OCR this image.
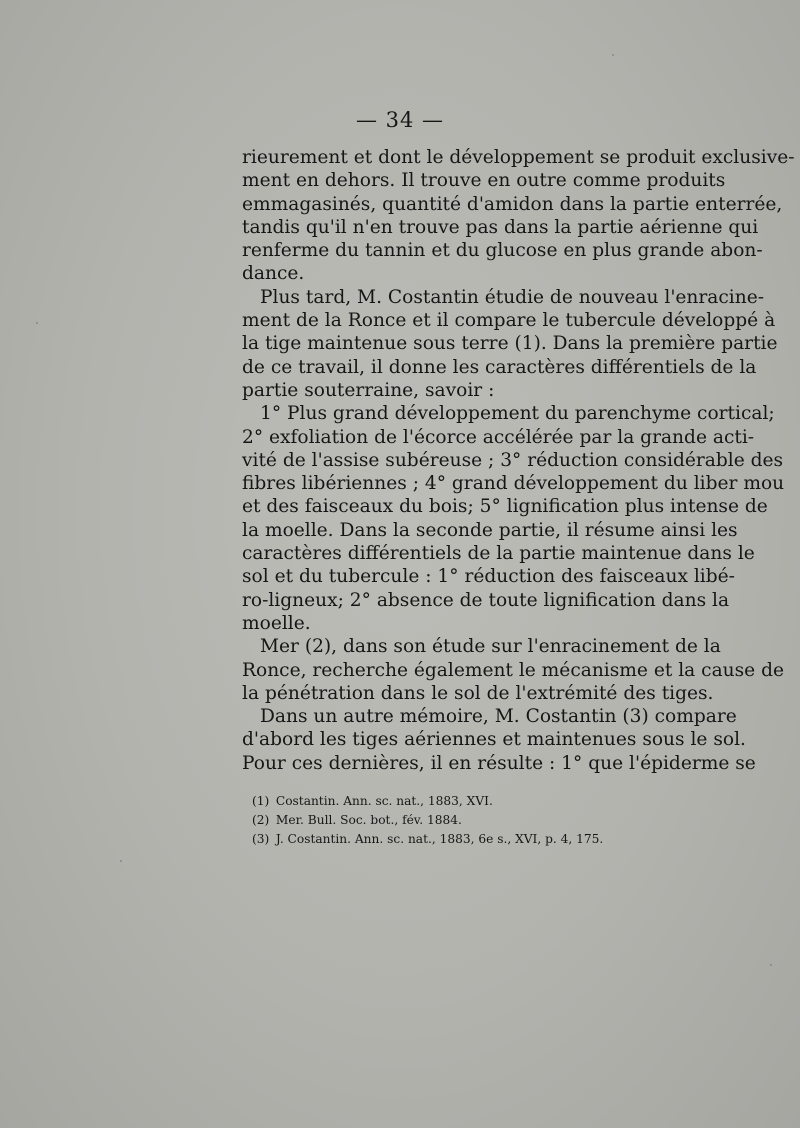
— 34 —
rieurement et dont le développement se produit exclusive-
ment en dehors. Il trouve en outre comme produits
emmagasinés, quantité d'amidon dans la partie enterrée,
tandis qu'il n'en trouve pas dans la partie aérienne qui
renferme du tannin et du glucose en plus grande abon-
dance.
Plus tard, M. Costantin étudie de nouveau l'enracine-
ment de la Ronce et il compare le tubercule développé à
la tige maintenue sous terre (1). Dans la première partie
de ce travail, il donne les caractères différentiels de la
partie souterraine, savoir :
1° Plus grand développement du parenchyme cortical;
2° exfoliation de l'écorce accélérée par la grande acti-
vité de l'assise subéreuse ; 3° réduction considérable des
fibres libériennes ; 4° grand développement du liber mou
et des faisceaux du bois; 5° lignification plus intense de
la moelle. Dans la seconde partie, il résume ainsi les
caractères différentiels de la partie maintenue dans le
sol et du tubercule : 1° réduction des faisceaux libé-
ro-ligneux; 2° absence de toute lignification dans la
moelle.
Mer (2), dans son étude sur l'enracinement de la
Ronce, recherche également le mécanisme et la cause de
la pénétration dans le sol de l'extrémité des tiges.
Dans un autre mémoire, M. Costantin (3) compare
d'abord les tiges aériennes et maintenues sous le sol.
Pour ces dernières, il en résulte : 1° que l'épiderme se
(1) Costantin. Ann. sc. nat., 1883, XVI.
(2) Mer. Bull. Soc. bot., fév. 1884.
(3) J. Costantin. Ann. sc. nat., 1883, 6e s., XVI, p. 4, 175.
